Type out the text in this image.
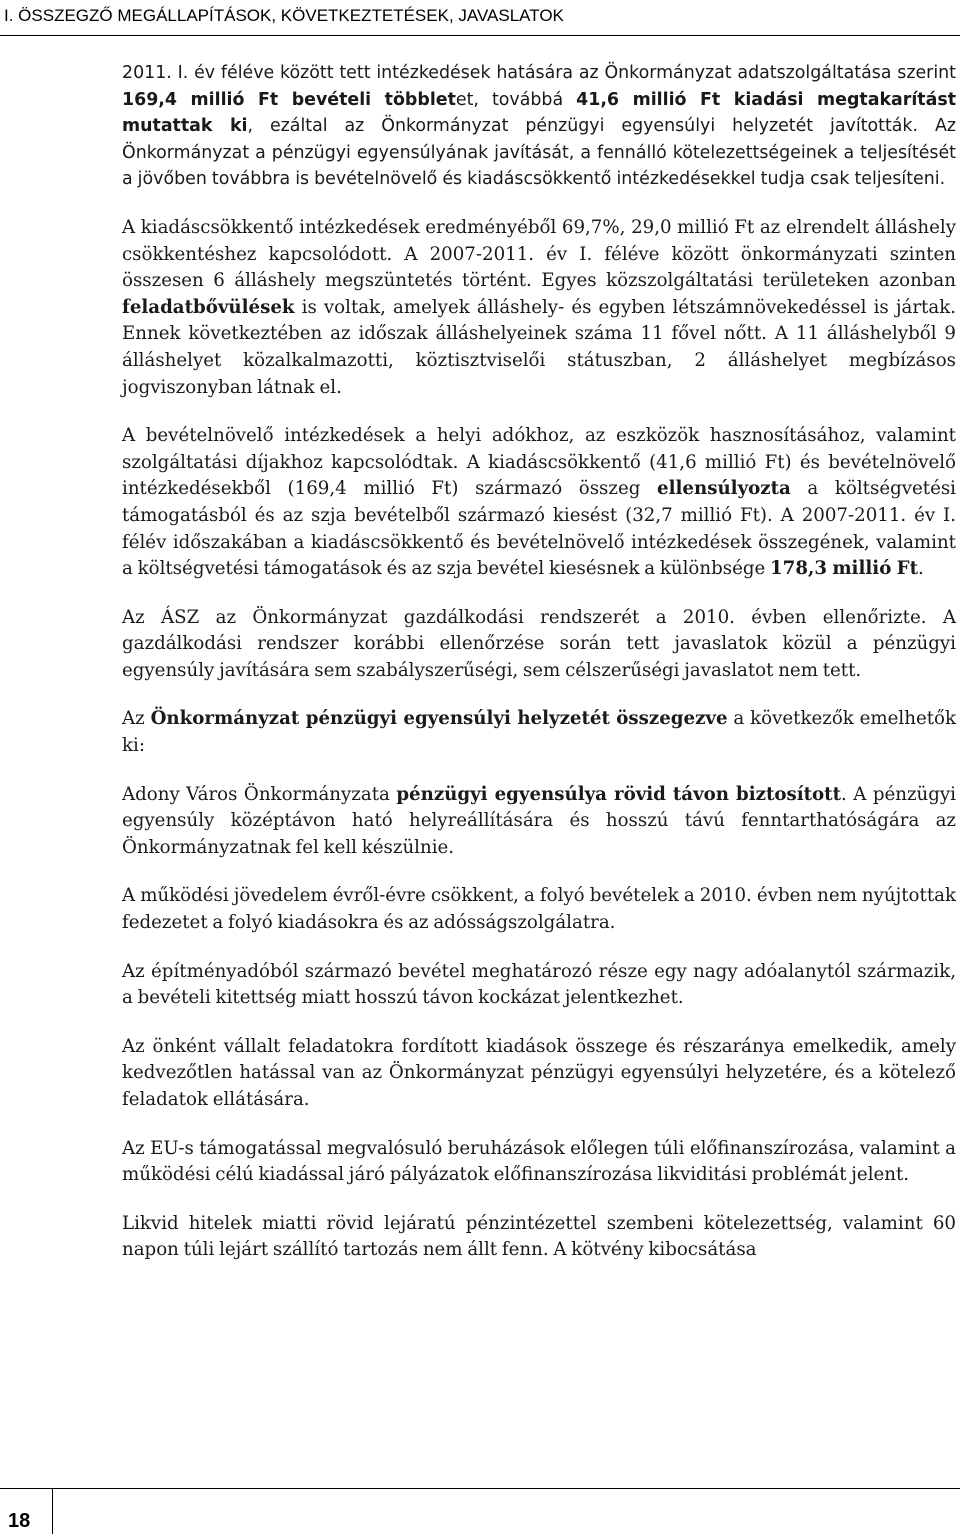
I. ÖSSZEGZŐ MEGÁLLAPÍTÁSOK, KÖVETKEZTETÉSEK, JAVASLATOK

2011. I. év féléve között tett intézkedések hatására az Önkormányzat adatszolgáltatása szerint 169,4 millió Ft bevételi többletet, továbbá 41,6 millió Ft kiadási megtakarítást mutattak ki, ezáltal az Önkormányzat pénzügyi egyensúlyi helyzetét javították. Az Önkormányzat a pénzügyi egyensúlyának javítását, a fennálló kötelezettségeinek a teljesítését a jövőben továbbra is bevételnövelő és kiadáscsökkentő intézkedésekkel tudja csak teljesíteni.

A kiadáscsökkentő intézkedések eredményéből 69,7%, 29,0 millió Ft az elrendelt álláshely csökkentéshez kapcsolódott. A 2007-2011. év I. féléve között önkormányzati szinten összesen 6 álláshely megszüntetés történt. Egyes közszolgáltatási területeken azonban feladatbővülések is voltak, amelyek álláshely- és egyben létszámnövekedéssel is jártak. Ennek következtében az időszak álláshelyeinek száma 11 fővel nőtt. A 11 álláshelyből 9 álláshelyet közalkalmazotti, köztisztviselői státuszban, 2 álláshelyet megbízásos jogviszonyban látnak el.

A bevételnövelő intézkedések a helyi adókhoz, az eszközök hasznosításához, valamint szolgáltatási díjakhoz kapcsolódtak. A kiadáscsökkentő (41,6 millió Ft) és bevételnövelő intézkedésekből (169,4 millió Ft) származó összeg ellensúlyozta a költségvetési támogatásból és az szja bevételből származó kiesést (32,7 millió Ft). A 2007-2011. év I. félév időszakában a kiadáscsökkentő és bevételnövelő intézkedések összegének, valamint a költségvetési támogatások és az szja bevétel kiesésnek a különbsége 178,3 millió Ft.

Az ÁSZ az Önkormányzat gazdálkodási rendszerét a 2010. évben ellenőrizte. A gazdálkodási rendszer korábbi ellenőrzése során tett javaslatok közül a pénzügyi egyensúly javítására sem szabályszerűségi, sem célszerűségi javaslatot nem tett.

Az Önkormányzat pénzügyi egyensúlyi helyzetét összegezve a következők emelhetők ki:

Adony Város Önkormányzata pénzügyi egyensúlya rövid távon biztosított. A pénzügyi egyensúly középtávon ható helyreállítására és hosszú távú fenntarthatóságára az Önkormányzatnak fel kell készülnie.

A működési jövedelem évről-évre csökkent, a folyó bevételek a 2010. évben nem nyújtottak fedezetet a folyó kiadásokra és az adósságszolgálatra.

Az építményadóból származó bevétel meghatározó része egy nagy adóalanytól származik, a bevételi kitettség miatt hosszú távon kockázat jelentkezhet.

Az önként vállalt feladatokra fordított kiadások összege és részaránya emelkedik, amely kedvezőtlen hatással van az Önkormányzat pénzügyi egyensúlyi helyzetére, és a kötelező feladatok ellátására.

Az EU-s támogatással megvalósuló beruházások előlegen túli előfinanszírozása, valamint a működési célú kiadással járó pályázatok előfinanszírozása likviditási problémát jelent.

Likvid hitelek miatti rövid lejáratú pénzintézettel szembeni kötelezettség, valamint 60 napon túli lejárt szállító tartozás nem állt fenn. A kötvény kibocsátása

18
